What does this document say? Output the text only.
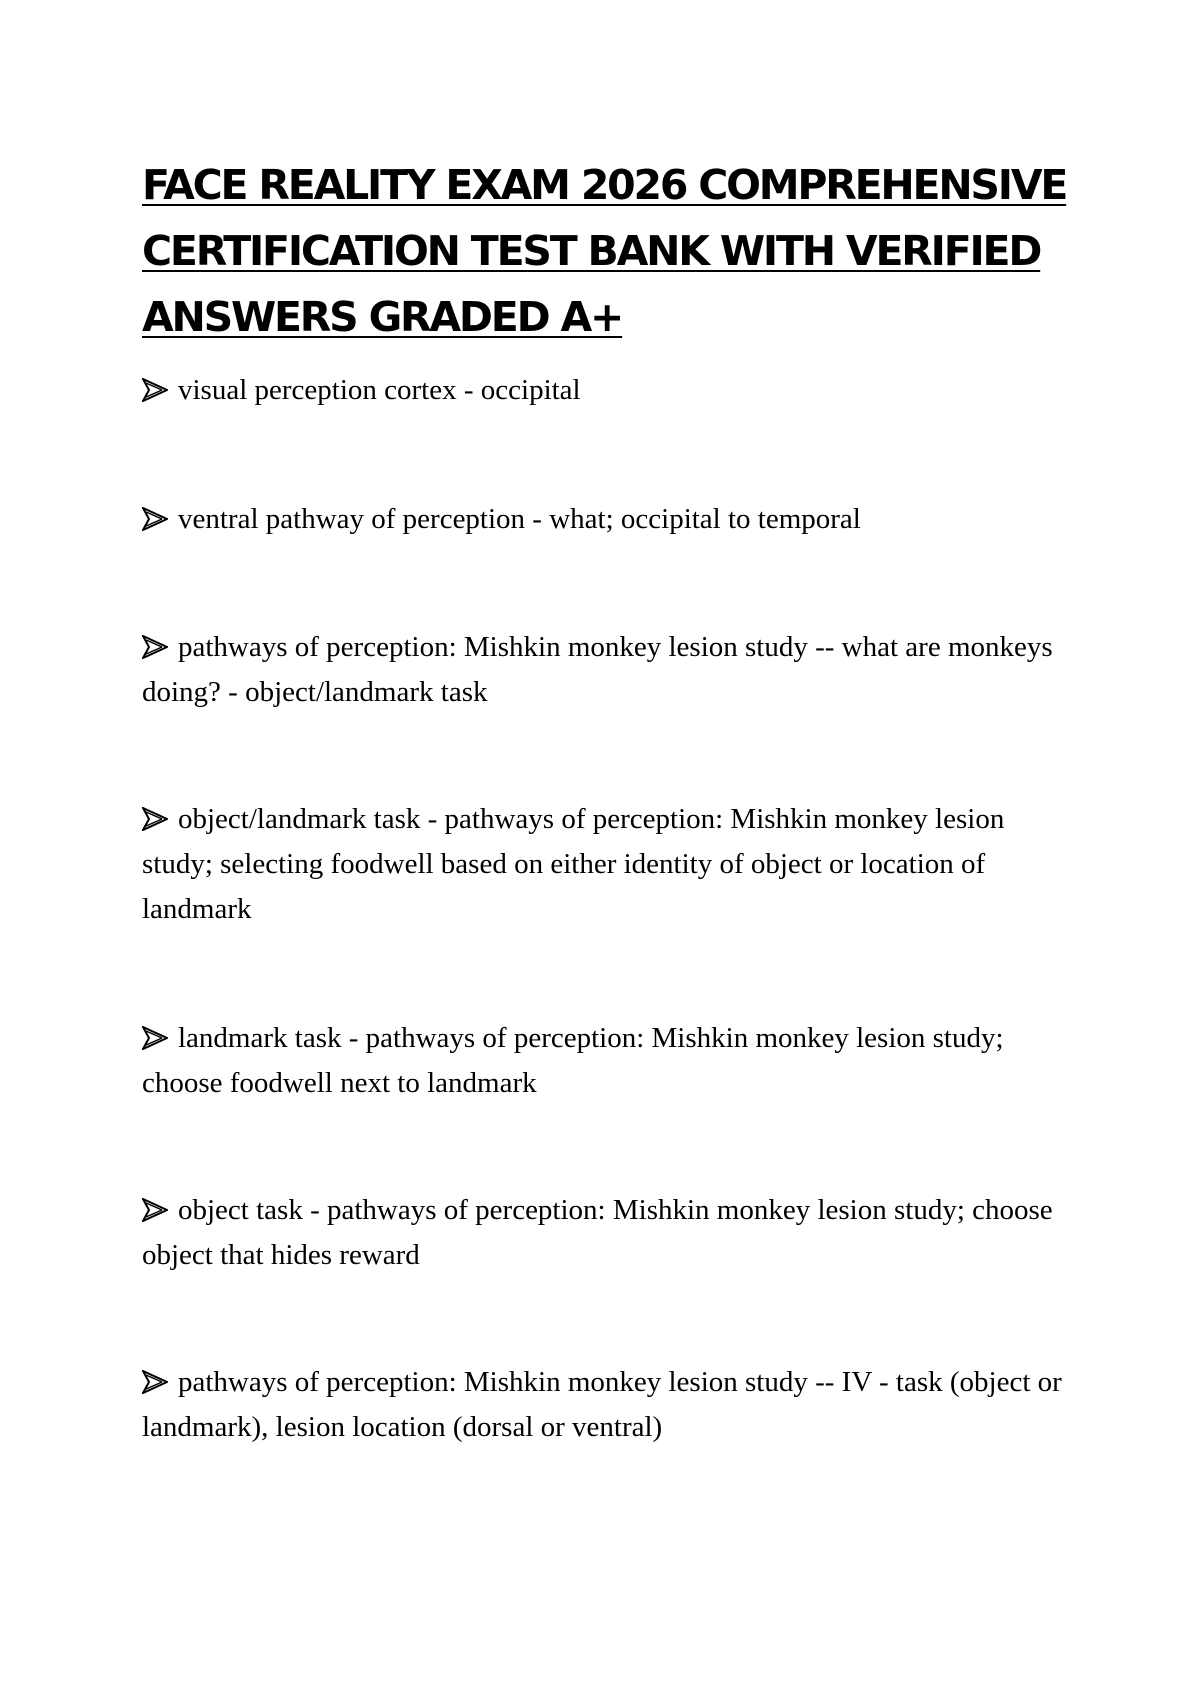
FACE REALITY EXAM 2026 COMPREHENSIVE
CERTIFICATION TEST BANK WITH VERIFIED
ANSWERS GRADED A+
visual perception cortex - occipital
ventral pathway of perception - what; occipital to temporal
pathways of perception: Mishkin monkey lesion study -- what are monkeys doing? - object/landmark task
object/landmark task - pathways of perception: Mishkin monkey lesion study; selecting foodwell based on either identity of object or location of landmark
landmark task - pathways of perception: Mishkin monkey lesion study; choose foodwell next to landmark
object task - pathways of perception: Mishkin monkey lesion study; choose object that hides reward
pathways of perception: Mishkin monkey lesion study -- IV - task (object or landmark), lesion location (dorsal or ventral)
